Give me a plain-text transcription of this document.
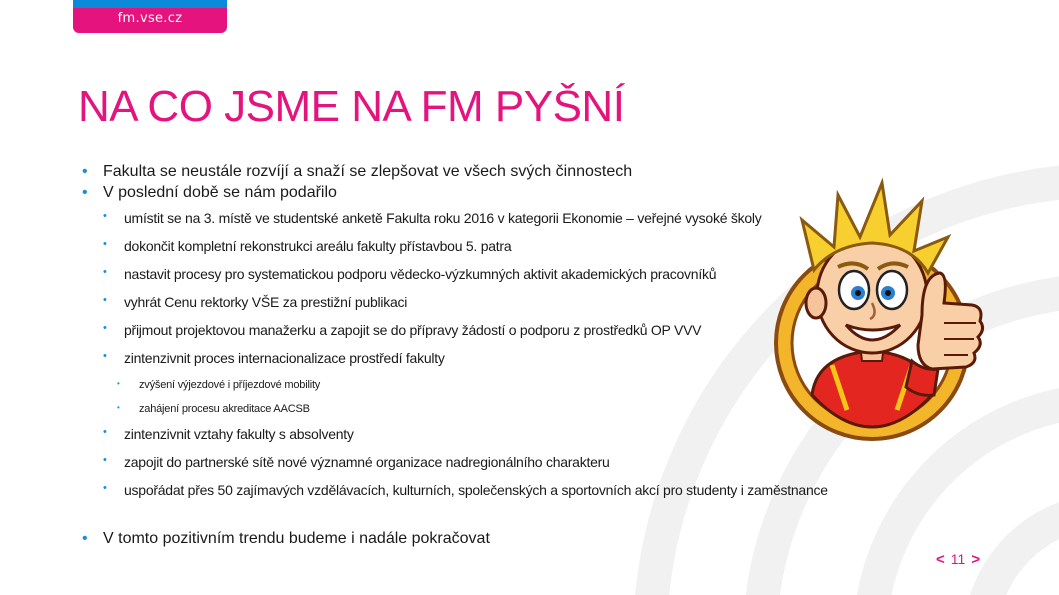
fm.vse.cz
NA CO JSME NA FM PYŠNÍ
• Fakulta se neustále rozvíjí a snaží se zlepšovat ve všech svých činnostech
• V poslední době se nám podařilo
• umístit se na 3. místě ve studentské anketě Fakulta roku 2016 v kategorii Ekonomie – veřejné vysoké školy
• dokončit kompletní rekonstrukci areálu fakulty přístavbou 5. patra
• nastavit procesy pro systematickou podporu vědecko-výzkumných aktivit akademických pracovníků
• vyhrát Cenu rektorky VŠE za prestižní publikaci
• přijmout projektovou manažerku a zapojit se do přípravy žádostí o podporu z prostředků OP VVV
• zintenzivnit proces internacionalizace prostředí fakulty
• zvýšení výjezdové i příjezdové mobility
• zahájení procesu akreditace AACSB
• zintenzivnit vztahy fakulty s absolventy
• zapojit do partnerské sítě nové významné organizace nadregionálního charakteru
• uspořádat přes 50 zajímavých vzdělávacích, kulturních, společenských a sportovních akcí pro studenty i zaměstnance
• V tomto pozitivním trendu budeme i nadále pokračovat
< 11 >
